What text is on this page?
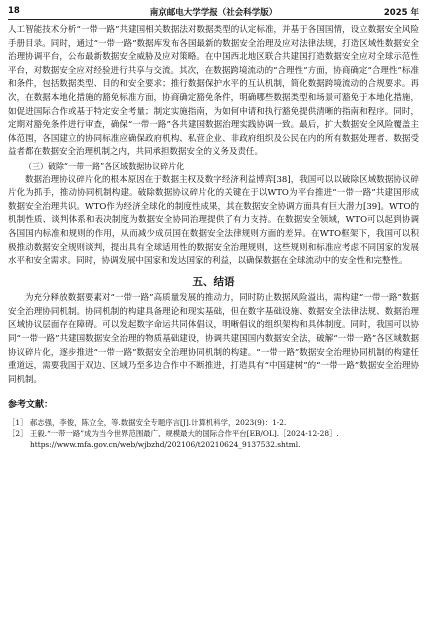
18	南京邮电大学学报（社会科学版）	2025 年

人工智能技术分析“一带一路”共建国相关数据法对数据类型的认定标准，并基于各国国情，设立数据安全风险手册目录。同时，通过“一带一路”数据库发布各国最新的数据安全治理及应对法律法规，打造区域性数据安全治理协调平台，公布最新数据安全威胁及应对策略。在中国西北地区联合共建国打造数据安全应对全球示范性平台，对数据安全应对经验进行共享与交流。其次，在数据跨境流动的“合理性”方面，协商确定“合理性”标准和条件，包括数据类型、目的和安全要求；推行数据保护水平的互认机制，简化数据跨境流动的合规要求。再次，在数据本地化措施的豁免标准方面，协商确定豁免条件，明确哪些数据类型和场景可豁免于本地化措施，如促进国际合作或基于特定安全考量；制定实施指南，为如何申请和执行豁免提供清晰的指南和程序。同时，定期对豁免条件进行审查，确保“一带一路”各共建国数据治理实践协调一致。最后，扩大数据安全风险覆盖主体范围，各国建立的协同标准应确保政府机构、私营企业、非政府组织及公民在内的所有数据处理者、数据受益者都在数据安全治理机制之内，共同承担数据安全的义务及责任。

（三）破除“一带一路”各区域数据协议碎片化

数据治理协议碎片化的根本原因在于数据主权及数字经济利益博弈[38]，我国可以以破除区域数据协议碎片化为抓手，推动协同机制构建。破除数据协议碎片化的关键在于以WTO为平台推进“一带一路”共建国形成数据安全治理共识。WTO作为经济全球化的制度性成果，其在数据安全协调方面具有巨大潜力[39]。WTO的机制性质、谈判体系和表决制度为数据安全协同治理提供了有力支持。在数据安全领域，WTO可以起到协调各国国内标准和规则的作用，从而减少成员国在数据安全法律规则方面的差异。在WTO框架下，我国可以积极推动数据安全规则谈判，提出具有全球适用性的数据安全治理规则，这些规则和标准应考虑不同国家的发展水平和安全需求。同时，协调发展中国家和发达国家的利益，以确保数据在全球流动中的安全性和完整性。

五、结语

为充分释放数据要素对“一带一路”高质量发展的推动力，同时防止数据风险溢出，需构建“一带一路”数据安全治理协同机制。协同机制的构建具备理论和现实基础，但在数字基础设施、数据安全法律法规、数据治理区域协议层面存在障碍。可以发起数字命运共同体倡议，明晰倡议的组织架构和具体制度。同时，我国可以协同“一带一路”共建国数据安全治理的物质基础建设，协调共建国国内数据安全法，破解“一带一路”各区域数据协议碎片化，逐步推进“一带一路”数据安全治理协同机制的构建。“一带一路”数据安全治理协同机制的构建任重道远，需要我国于双边、区域乃至多边合作中不断推进，打造具有“中国建树”的“一带一路”数据安全治理协同机制。

参考文献：

［1］ 郝志强，李俊，陈立全，等.数据安全专题序言[J].计算机科学，2023(9)：1-2.

［2］ 王毅.“一带一路”成为当今世界范围最广、规模最大的国际合作平台[EB/OL].［2024-12-28］.
https://www.mfa.gov.cn/web/wjbzhd/202106/t20210624_9137532.shtml.
